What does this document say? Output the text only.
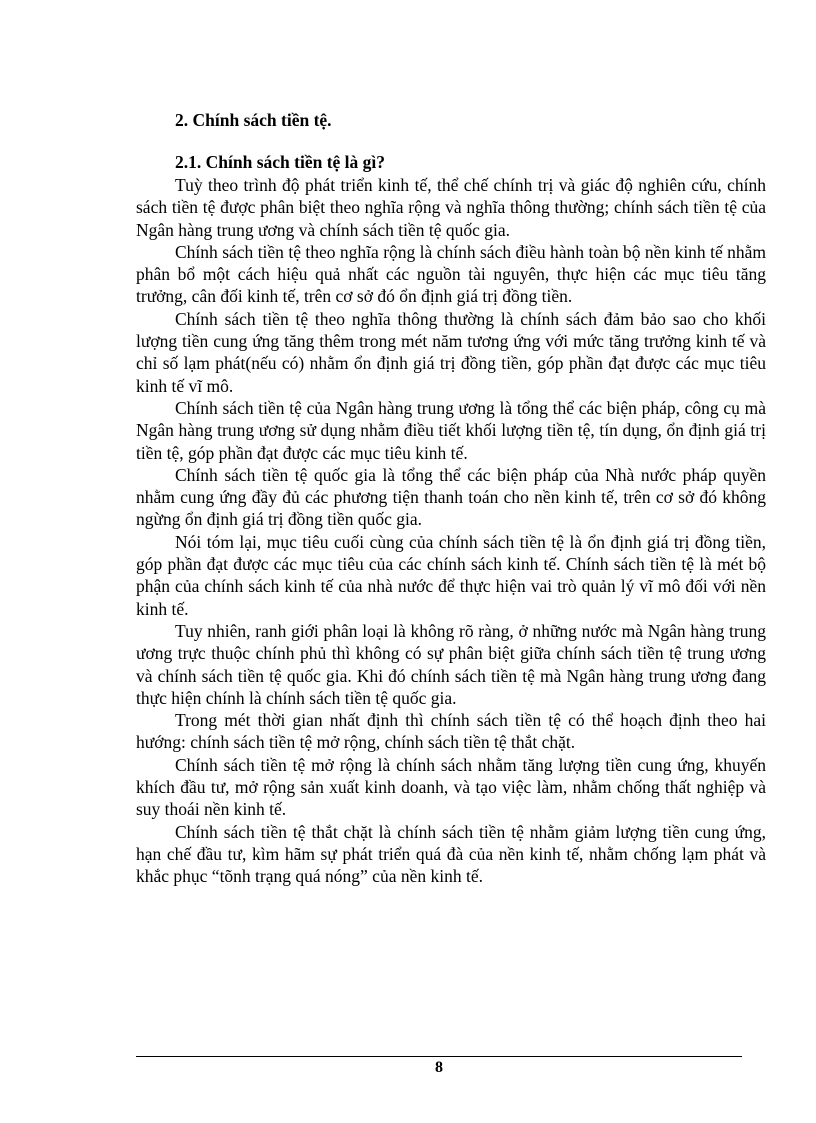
2. Chính sách tiền tệ.
2.1. Chính sách tiền tệ là gì?

Tuỳ theo trình độ phát triển kinh tế, thể chế chính trị và giác độ nghiên cứu, chính sách tiền tệ được phân biệt theo nghĩa rộng và nghĩa thông thường; chính sách tiền tệ của Ngân hàng trung ương và chính sách tiền tệ quốc gia.

Chính sách tiền tệ theo nghĩa rộng là chính sách điều hành toàn bộ nền kinh tế nhằm phân bổ một cách hiệu quả nhất các nguồn tài nguyên, thực hiện các mục tiêu tăng trưởng, cân đối kinh tế, trên cơ sở đó ổn định giá trị đồng tiền.

Chính sách tiền tệ theo nghĩa thông thường là chính sách đảm bảo sao cho khối lượng tiền cung ứng tăng thêm trong mét năm tương ứng với mức tăng trưởng kinh tế và chỉ số lạm phát(nếu có) nhằm ổn định giá trị đồng tiền, góp phần đạt được các mục tiêu kinh tế vĩ mô.

Chính sách tiền tệ của Ngân hàng trung ương là tổng thể các biện pháp, công cụ mà Ngân hàng trung ương sử dụng nhằm điều tiết khối lượng tiền tệ, tín dụng, ổn định giá trị tiền tệ, góp phần đạt được các mục tiêu kinh tế.

Chính sách tiền tệ quốc gia là tổng thể các biện pháp của Nhà nước pháp quyền nhằm cung ứng đầy đủ các phương tiện thanh toán cho nền kinh tế, trên cơ sở đó không ngừng ổn định giá trị đồng tiền quốc gia.

Nói tóm lại, mục tiêu cuối cùng của chính sách tiền tệ là ổn định giá trị đồng tiền, góp phần đạt được các mục tiêu của các chính sách kinh tế. Chính sách tiền tệ là mét bộ phận của chính sách kinh tế của nhà nước để thực hiện vai trò quản lý vĩ mô đối với nền kinh tế.

Tuy nhiên, ranh giới phân loại là không rõ ràng, ở những nước mà Ngân hàng trung ương trực thuộc chính phủ thì không có sự phân biệt giữa chính sách tiền tệ trung ương và chính sách tiền tệ quốc gia. Khi đó chính sách tiền tệ mà Ngân hàng trung ương đang thực hiện chính là chính sách tiền tệ quốc gia.

Trong mét thời gian nhất định thì chính sách tiền tệ có thể hoạch định theo hai hướng: chính sách tiền tệ mở rộng, chính sách tiền tệ thắt chặt.

Chính sách tiền tệ mở rộng là chính sách nhằm tăng lượng tiền cung ứng, khuyến khích đầu tư, mở rộng sản xuất kinh doanh, và tạo việc làm, nhằm chống thất nghiệp và suy thoái nền kinh tế.

Chính sách tiền tệ thắt chặt là chính sách tiền tệ nhằm giảm lượng tiền cung ứng, hạn chế đầu tư, kìm hãm sự phát triển quá đà của nền kinh tế, nhằm chống lạm phát và khắc phục “tõnh trạng quá nóng” của nền kinh tế.

8
